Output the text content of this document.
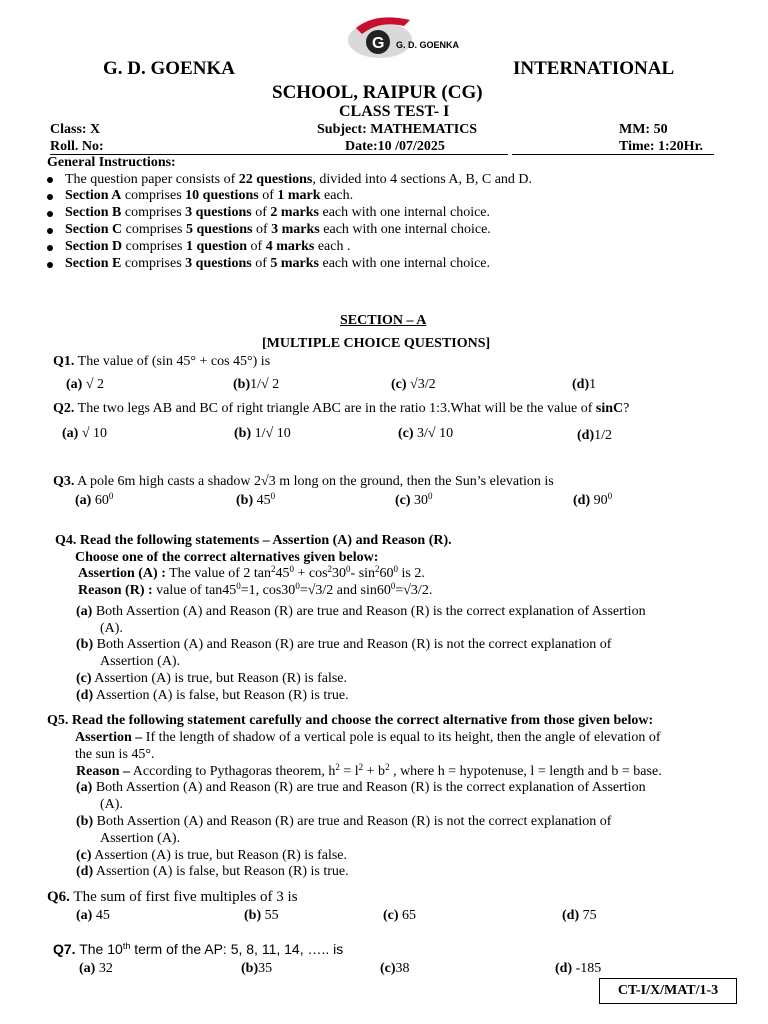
G G. D. GOENKA
G. D. GOENKA	INTERNATIONAL
SCHOOL, RAIPUR (CG)
CLASS TEST- I
Class: X	Subject: MATHEMATICS	MM: 50
Roll. No:	Date:10 /07/2025	Time: 1:20Hr.
General Instructions:
The question paper consists of 22 questions, divided into 4 sections A, B, C and D.
Section A comprises 10 questions of 1 mark each.
Section B comprises 3 questions of 2 marks each with one internal choice.
Section C comprises 5 questions of 3 marks each with one internal choice.
Section D comprises 1 question of 4 marks each .
Section E comprises 3 questions of 5 marks each with one internal choice.
SECTION – A
[MULTIPLE CHOICE QUESTIONS]
Q1. The value of (sin 45° + cos 45°) is
(a) √ 2	(b)1/√ 2	(c) √3/2	(d)1
Q2. The two legs AB and BC of right triangle ABC are in the ratio 1:3.What will be the value of sinC?
(a) √ 10	(b) 1/√ 10	(c) 3/√ 10	(d)1/2
Q3. A pole 6m high casts a shadow 2√3 m long on the ground, then the Sun’s elevation is
(a) $60^0$	(b) $45^0$	(c) $30^0$	(d) $90^0$
Q4. Read the following statements – Assertion (A) and Reason (R).
Choose one of the correct alternatives given below:
Assertion (A) : The value of 2 $\tan^245^0 + \cos^230^0-$ $\sin^260^0$ is 2.
Reason (R) : value of $\tan 45^0=1$, $\cos 30^0=√3/2$ and $\sin 60^0=√3/2$.
(a) Both Assertion (A) and Reason (R) are true and Reason (R) is the correct explanation of Assertion
(A).
(b) Both Assertion (A) and Reason (R) are true and Reason (R) is not the correct explanation of
Assertion (A).
(c) Assertion (A) is true, but Reason (R) is false.
(d) Assertion (A) is false, but Reason (R) is true.
Q5. Read the following statement carefully and choose the correct alternative from those given below:
Assertion – If the length of shadow of a vertical pole is equal to its height, then the angle of elevation of
the sun is 45°.
Reason – According to Pythagoras theorem, $h^2 = l^2 + b^2$ , where h = hypotenuse, l = length and b = base.
(a) Both Assertion (A) and Reason (R) are true and Reason (R) is the correct explanation of Assertion
(A).
(b) Both Assertion (A) and Reason (R) are true and Reason (R) is not the correct explanation of
Assertion (A).
(c) Assertion (A) is true, but Reason (R) is false.
(d) Assertion (A) is false, but Reason (R) is true.
Q6. The sum of first five multiples of 3 is
(a) 45	(b) 55	(c) 65	(d) 75
Q7. The 10th term of the AP: 5, 8, 11, 14, ….. is
(a) 32	(b)35	(c)38	(d) -185
CT-I/X/MAT/1-3
